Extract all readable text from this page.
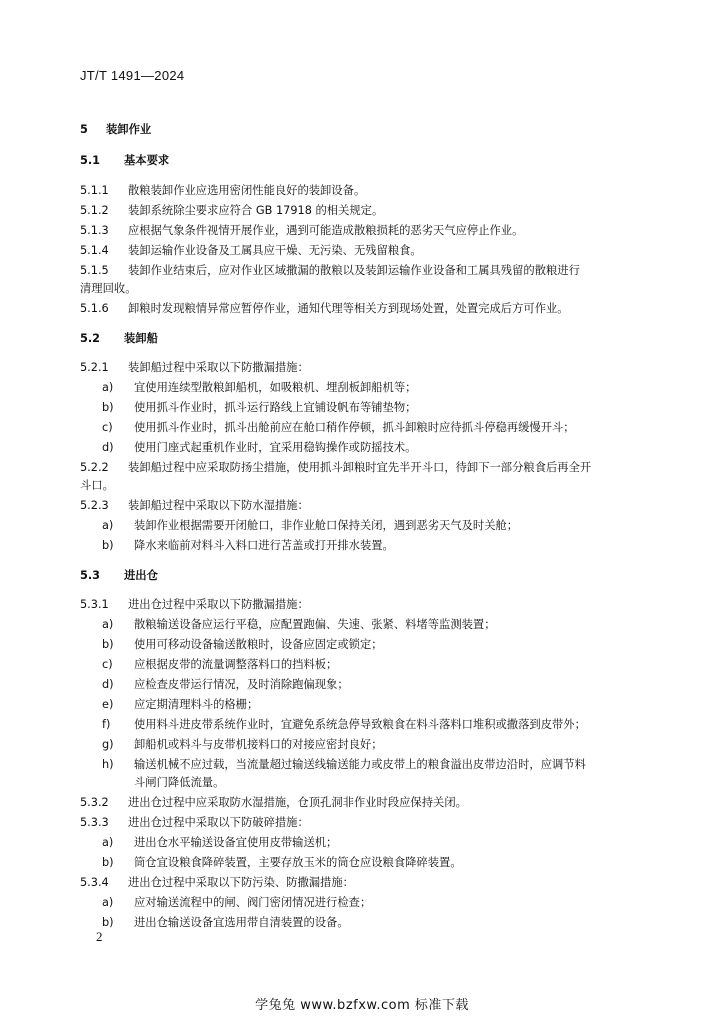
JT/T 1491—2024
5 装卸作业
5.1 基本要求
5.1.1 散粮装卸作业应选用密闭性能良好的装卸设备。
5.1.2 装卸系统除尘要求应符合 GB 17918 的相关规定。
5.1.3 应根据气象条件视情开展作业，遇到可能造成散粮损耗的恶劣天气应停止作业。
5.1.4 装卸运输作业设备及工属具应干燥、无污染、无残留粮食。
5.1.5 装卸作业结束后，应对作业区域撒漏的散粮以及装卸运输作业设备和工属具残留的散粮进行
清理回收。
5.1.6 卸粮时发现粮情异常应暂停作业，通知代理等相关方到现场处置，处置完成后方可作业。
5.2 装卸船
5.2.1 装卸船过程中采取以下防撒漏措施：
a) 宜使用连续型散粮卸船机，如吸粮机、埋刮板卸船机等；
b) 使用抓斗作业时，抓斗运行路线上宜铺设帆布等铺垫物；
c) 使用抓斗作业时，抓斗出舱前应在舱口稍作停顿，抓斗卸粮时应待抓斗停稳再缓慢开斗；
d) 使用门座式起重机作业时，宜采用稳钩操作或防摇技术。
5.2.2 装卸船过程中应采取防扬尘措施，使用抓斗卸粮时宜先半开斗口，待卸下一部分粮食后再全开
斗口。
5.2.3 装卸船过程中采取以下防水湿措施：
a) 装卸作业根据需要开闭舱口，非作业舱口保持关闭，遇到恶劣天气及时关舱；
b) 降水来临前对料斗入料口进行苫盖或打开排水装置。
5.3 进出仓
5.3.1 进出仓过程中采取以下防撒漏措施：
a) 散粮输送设备应运行平稳，应配置跑偏、失速、张紧、料堵等监测装置；
b) 使用可移动设备输送散粮时，设备应固定或锁定；
c) 应根据皮带的流量调整落料口的挡料板；
d) 应检查皮带运行情况，及时消除跑偏现象；
e) 应定期清理料斗的格栅；
f) 使用料斗进皮带系统作业时，宜避免系统急停导致粮食在料斗落料口堆积或撒落到皮带外；
g) 卸船机或料斗与皮带机接料口的对接应密封良好；
h) 输送机械不应过载，当流量超过输送线输送能力或皮带上的粮食溢出皮带边沿时，应调节料
斗闸门降低流量。
5.3.2 进出仓过程中应采取防水湿措施，仓顶孔洞非作业时段应保持关闭。
5.3.3 进出仓过程中采取以下防破碎措施：
a) 进出仓水平输送设备宜使用皮带输送机；
b) 筒仓宜设粮食降碎装置，主要存放玉米的筒仓应设粮食降碎装置。
5.3.4 进出仓过程中采取以下防污染、防撒漏措施：
a) 应对输送流程中的闸、阀门密闭情况进行检查；
b) 进出仓输送设备宜选用带自清装置的设备。
2
学兔兔 www.bzfxw.com 标准下载
